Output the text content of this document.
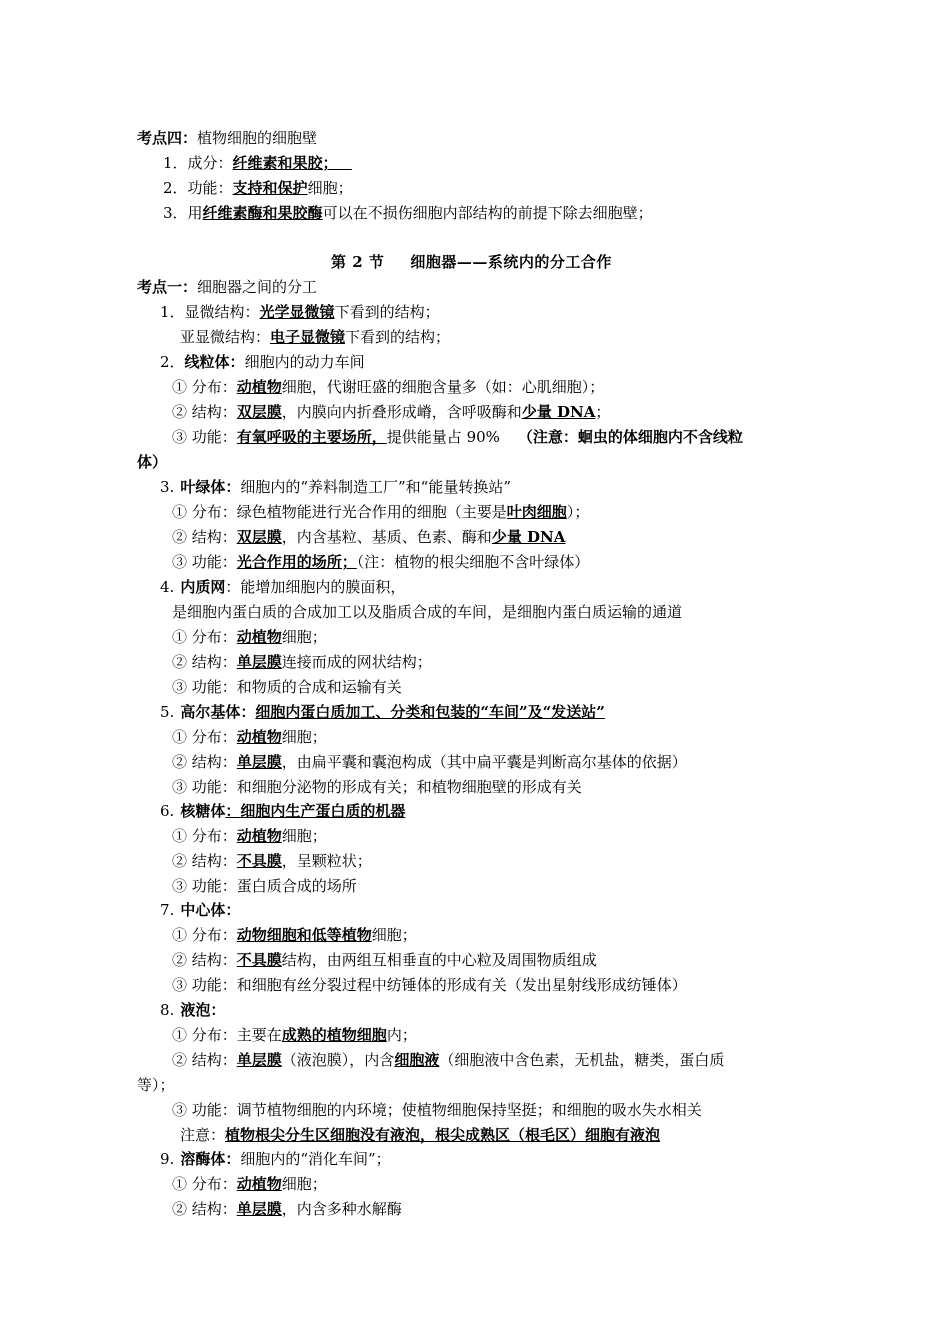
考点四：植物细胞的细胞壁
1．成分：纤维素和果胶；
2．功能：支持和保护细胞；
3．用纤维素酶和果胶酶可以在不损伤细胞内部结构的前提下除去细胞壁；
第 2 节 细胞器——系统内的分工合作
考点一：细胞器之间的分工
1．显微结构：光学显微镜下看到的结构；
亚显微结构：电子显微镜下看到的结构；
2．线粒体：细胞内的动力车间
① 分布：动植物细胞，代谢旺盛的细胞含量多（如：心肌细胞）；
② 结构：双层膜，内膜向内折叠形成嵴，含呼吸酶和少量 DNA；
③ 功能：有氧呼吸的主要场所，提供能量占 90% （注意：蛔虫的体细胞内不含线粒
体）
3. 叶绿体：细胞内的“养料制造工厂”和“能量转换站”
① 分布：绿色植物能进行光合作用的细胞（主要是叶肉细胞）；
② 结构：双层膜，内含基粒、基质、色素、酶和少量 DNA
③ 功能：光合作用的场所；（注：植物的根尖细胞不含叶绿体）
4. 内质网：能增加细胞内的膜面积，
是细胞内蛋白质的合成加工以及脂质合成的车间，是细胞内蛋白质运输的通道
① 分布：动植物细胞；
② 结构：单层膜连接而成的网状结构；
③ 功能：和物质的合成和运输有关
5. 高尔基体：细胞内蛋白质加工、分类和包装的“车间”及“发送站”
① 分布：动植物细胞；
② 结构：单层膜，由扁平囊和囊泡构成（其中扁平囊是判断高尔基体的依据）
③ 功能：和细胞分泌物的形成有关；和植物细胞壁的形成有关
6. 核糖体：细胞内生产蛋白质的机器
① 分布：动植物细胞；
② 结构：不具膜，呈颗粒状；
③ 功能：蛋白质合成的场所
7. 中心体：
① 分布：动物细胞和低等植物细胞；
② 结构：不具膜结构，由两组互相垂直的中心粒及周围物质组成
③ 功能：和细胞有丝分裂过程中纺锤体的形成有关（发出星射线形成纺锤体）
8. 液泡：
① 分布：主要在成熟的植物细胞内；
② 结构：单层膜（液泡膜），内含细胞液（细胞液中含色素，无机盐，糖类，蛋白质
等）；
③ 功能：调节植物细胞的内环境；使植物细胞保持坚挺；和细胞的吸水失水相关
注意：植物根尖分生区细胞没有液泡，根尖成熟区（根毛区）细胞有液泡
9. 溶酶体：细胞内的“消化车间”；
① 分布：动植物细胞；
② 结构：单层膜，内含多种水解酶
